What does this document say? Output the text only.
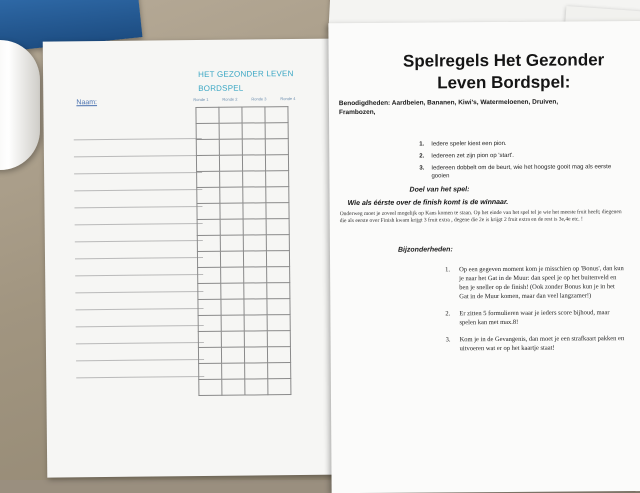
HET GEZONDER LEVEN
BORDSPEL
Naam:	Ronde 1	Ronde 2	Ronde 3	Ronde 4

Spelregels Het Gezonder
Leven Bordspel:
Benodigdheden: Aardbeien, Bananen, Kiwi's, Watermeloenen, Druiven, Frambozen,
1.	Iedere speler kiest een pion.
2.	Iedereen zet zijn pion op 'start'.
3.	Iedereen dobbelt om de beurt, wie het hoogste gooit mag als eerste gooien
Doel van het spel:
Wie als éérste over de finish komt is de winnaar.
Onderweg moet je zoveel mogelijk op Kans komen te staan. Op het einde van het spel tel je wie het meeste fruit heeft; diegenen die als eerste over Finish kwam krijgt 3 fruit extra , degene die 2e is krijgt 2 fruit extra en de rest is 3e,4e etc. !
Bijzonderheden:
1.	Op een gegeven moment kom je misschien op 'Bonus', dan kun je naar het Gat in de Muur: dan speel je op het buitenveld en ben je sneller op de finish! (Ook zonder Bonus kun je in het Gat in de Muur komen, maar dan veel langzamer!)
2.	Er zitten 5 formulieren waar je ieders score bijhoud, maar spelen kan met max.8!
3.	Kom je in de Gevangenis, dan moet je een strafkaart pakken en uitvoeren wat er op het kaartje staat!
